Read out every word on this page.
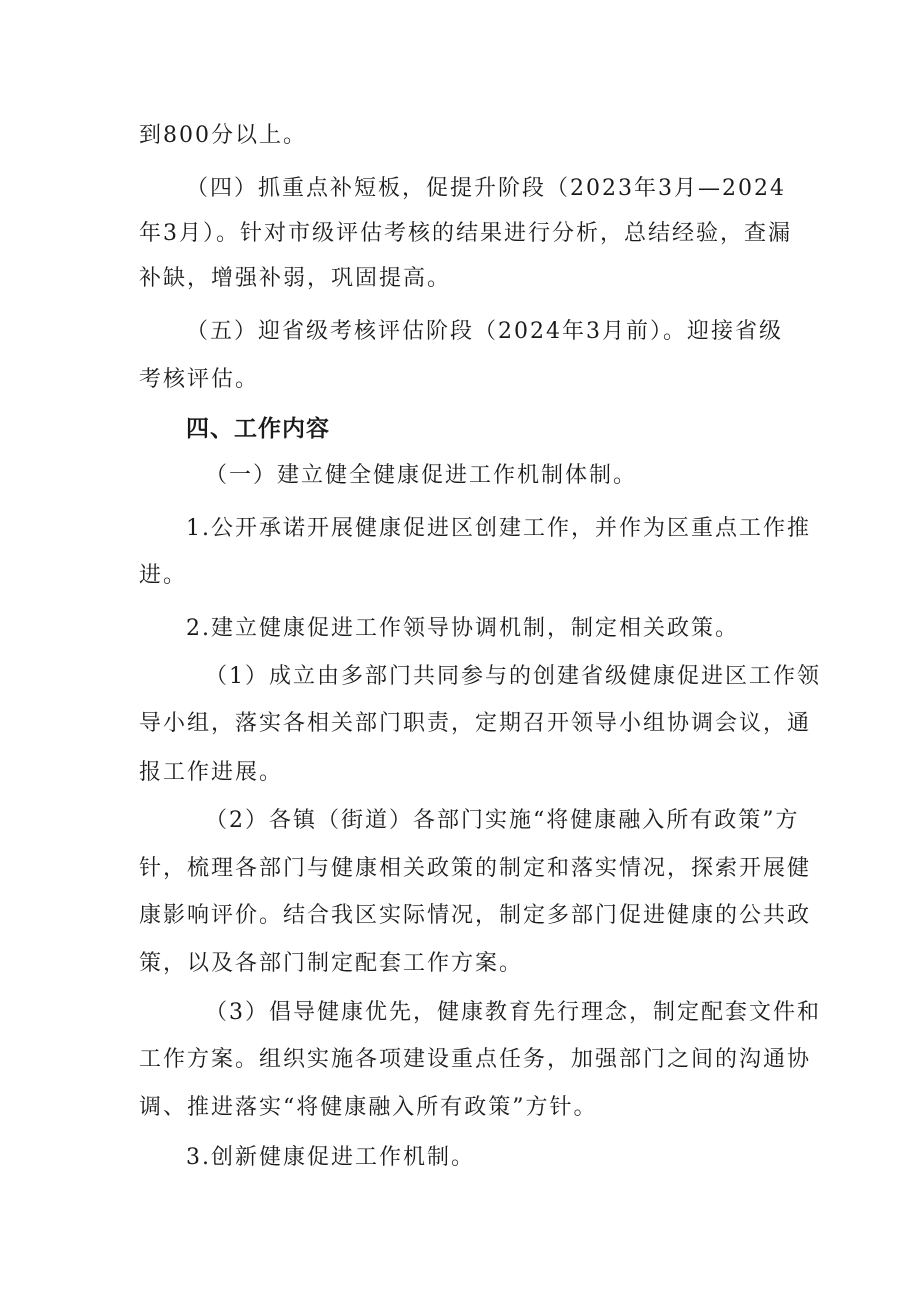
到800分以上。
（四）抓重点补短板，促提升阶段（2023年3月—2024
年3月）。针对市级评估考核的结果进行分析，总结经验，查漏
补缺，增强补弱，巩固提高。
（五）迎省级考核评估阶段（2024年3月前）。迎接省级
考核评估。
四、工作内容
（一）建立健全健康促进工作机制体制。
1.公开承诺开展健康促进区创建工作，并作为区重点工作推
进。
2.建立健康促进工作领导协调机制，制定相关政策。
（1）成立由多部门共同参与的创建省级健康促进区工作领
导小组，落实各相关部门职责，定期召开领导小组协调会议，通
报工作进展。
（2）各镇（街道）各部门实施“将健康融入所有政策”方
针，梳理各部门与健康相关政策的制定和落实情况，探索开展健
康影响评价。结合我区实际情况，制定多部门促进健康的公共政
策，以及各部门制定配套工作方案。
（3）倡导健康优先，健康教育先行理念，制定配套文件和
工作方案。组织实施各项建设重点任务，加强部门之间的沟通协
调、推进落实“将健康融入所有政策”方针。
3.创新健康促进工作机制。
